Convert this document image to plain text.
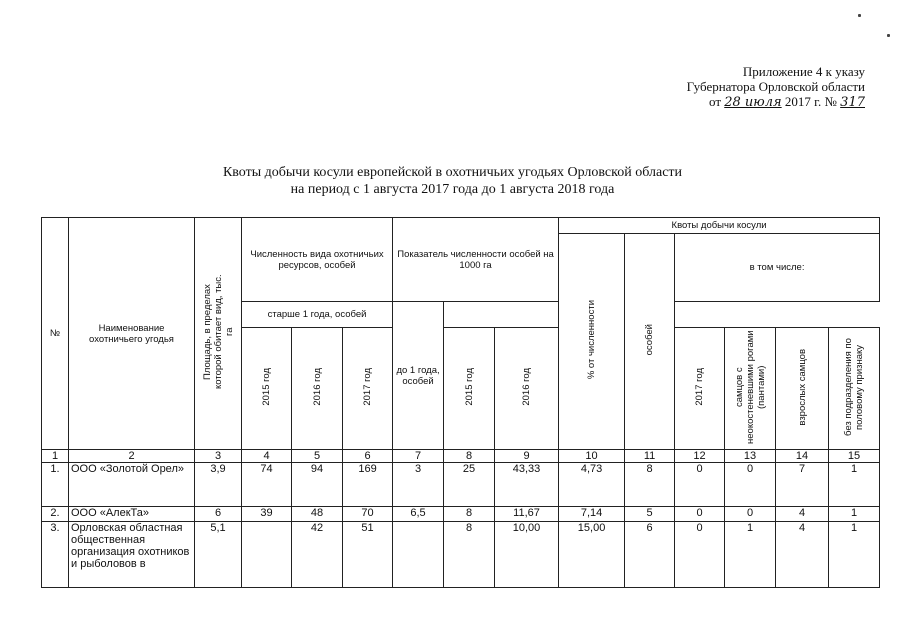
Приложение 4 к указу
Губернатора Орловской области
от 28 июля 2017 г. № 317
Квоты добычи косули европейской в охотничьих угодьях Орловской области
на период с 1 августа 2017 года до 1 августа 2018 года
№	Наименование охотничьего угодья	Площадь, в пределах которой обитает вид, тыс. га	Численность вида охотничьих ресурсов, особей			Показатель численности особей на 1000 га			Квоты добычи косули					
									% от численности	особей	в том числе:			
			старше 1 года, особей			до 1 года, особей								
			2015 год	2016 год	2017 год		2015 год	2016 год			2017 год	самцов с неокостеневшими рогами (пантами)	взрослых самцов	без подразделения по половому признаку
1	2	3	4	5	6	7	8	9	10	11	12	13	14	15
1.	ООО «Золотой Орел»	3,9	74	94	169	3	25	43,33	4,73	8	0	0	7	1
2.	ООО «АлекТа»	6	39	48	70	6,5	8	11,67	7,14	5	0	0	4	1
3.	Орловская областная общественная организация охотников и рыболовов в	5,1		42	51		8	10,00	15,00	6	0	1	4	1
